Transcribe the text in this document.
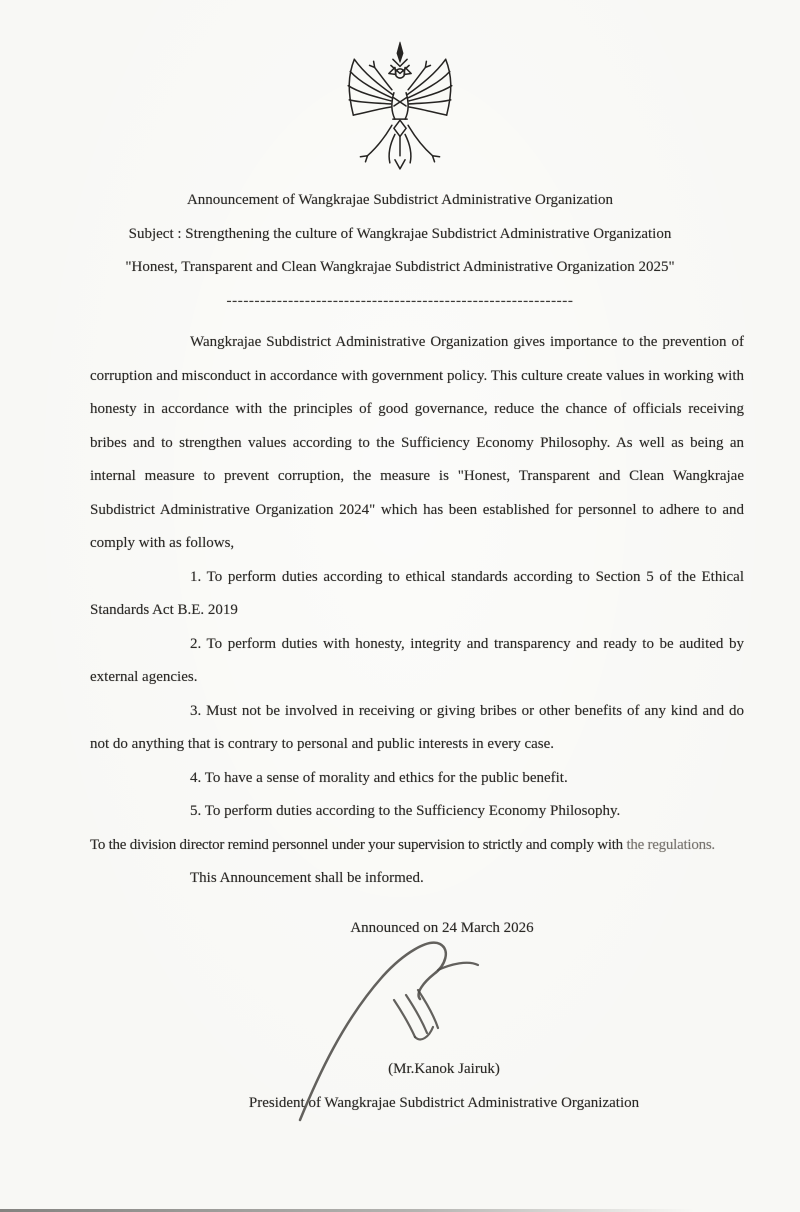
Announcement of Wangkrajae Subdistrict Administrative Organization
Subject : Strengthening the culture of Wangkrajae Subdistrict Administrative Organization
"Honest, Transparent and Clean Wangkrajae Subdistrict Administrative Organization 2025"
--------------------------------------------------------------

Wangkrajae Subdistrict Administrative Organization gives importance to the prevention of corruption and misconduct in accordance with government policy. This culture create values in working with honesty in accordance with the principles of good governance, reduce the chance of officials receiving bribes and to strengthen values according to the Sufficiency Economy Philosophy. As well as being an internal measure to prevent corruption, the measure is "Honest, Transparent and Clean Wangkrajae Subdistrict Administrative Organization 2024" which has been established for personnel to adhere to and comply with as follows,

1. To perform duties according to ethical standards according to Section 5 of the Ethical Standards Act B.E. 2019

2. To perform duties with honesty, integrity and transparency and ready to be audited by external agencies.

3. Must not be involved in receiving or giving bribes or other benefits of any kind and do not do anything that is contrary to personal and public interests in every case.

4. To have a sense of morality and ethics for the public benefit.

5. To perform duties according to the Sufficiency Economy Philosophy.

To the division director remind personnel under your supervision to strictly and comply with the regulations.

This Announcement shall be informed.

Announced on 24 March 2026
(Mr.Kanok Jairuk)
President of Wangkrajae Subdistrict Administrative Organization
